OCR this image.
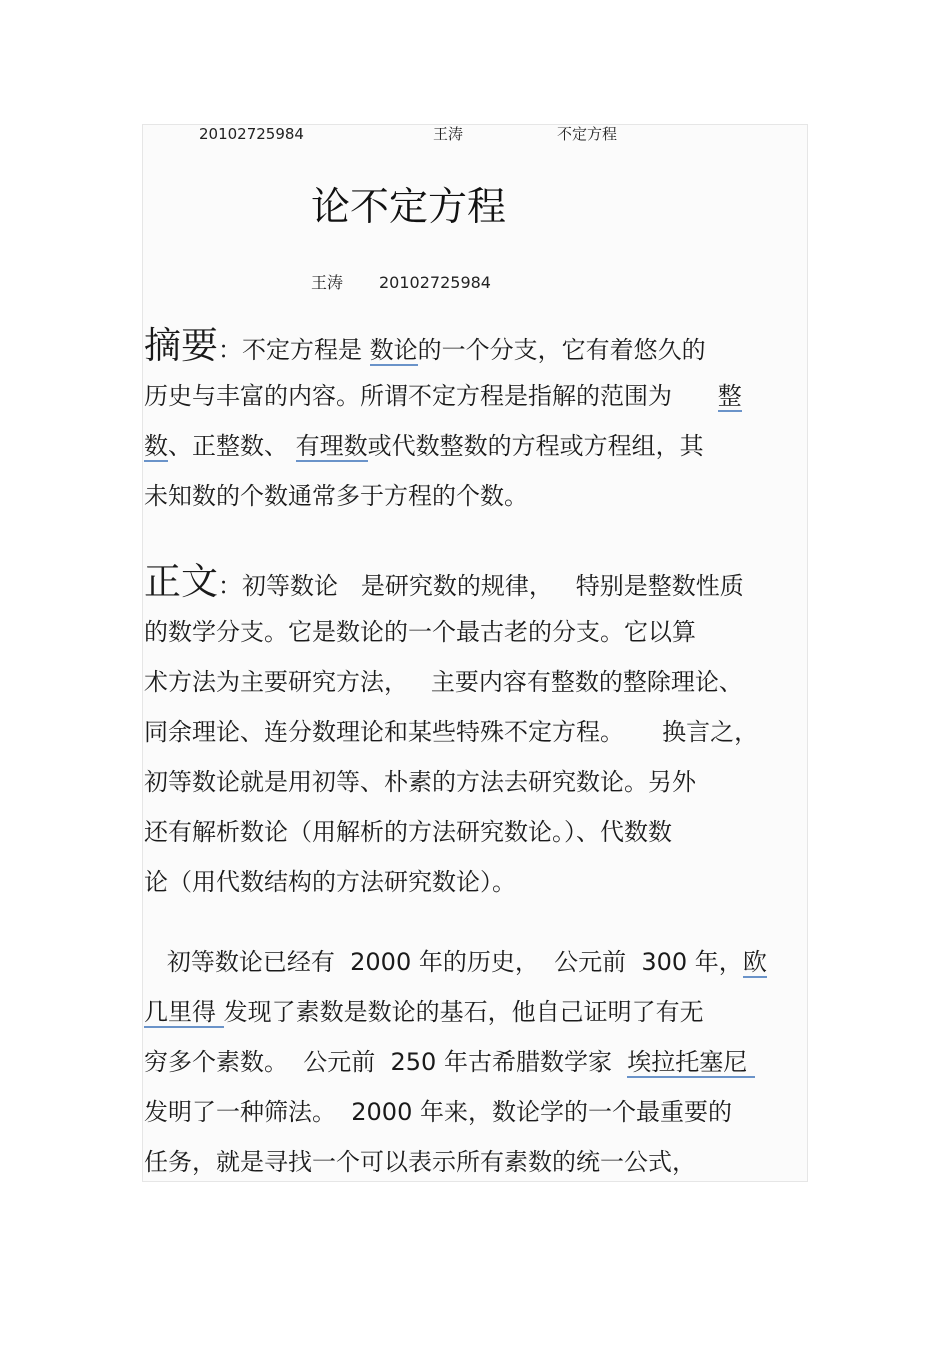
20102725984	王涛	不定方程
论不定方程
王涛 20102725984
摘要：不定方程是 数论的一个分支，它有着悠久的
历史与丰富的内容。所谓不定方程是指解的范围为      整
数、正整数、 有理数或代数整数的方程或方程组，其
未知数的个数通常多于方程的个数。
正文：初等数论   是研究数的规律，   特别是整数性质
的数学分支。它是数论的一个最古老的分支。它以算
术方法为主要研究方法，   主要内容有整数的整除理论、
同余理论、连分数理论和某些特殊不定方程。     换言之，
初等数论就是用初等、朴素的方法去研究数论。另外
还有解析数论（用解析的方法研究数论。）、代数数
论（用代数结构的方法研究数论）。
初等数论已经有  2000 年的历史，  公元前  300 年，欧
几里得 发现了素数是数论的基石，他自己证明了有无
穷多个素数。  公元前  250 年古希腊数学家  埃拉托塞尼
发明了一种筛法。  2000 年来，数论学的一个最重要的
任务，就是寻找一个可以表示所有素数的统一公式，
